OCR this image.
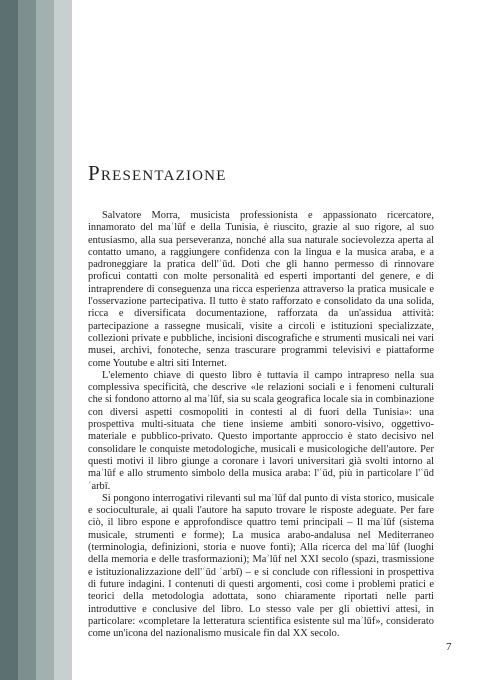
Presentazione

Salvatore Morra, musicista professionista e appassionato ricercatore, innamorato del maʾlūf e della Tunisia, è riuscito, grazie al suo rigore, al suo entusiasmo, alla sua perseveranza, nonché alla sua naturale socievolezza aperta al contatto umano, a raggiungere confidenza con la lingua e la musica araba, e a padroneggiare la pratica dell'ʿūd. Doti che gli hanno permesso di rinnovare proficui contatti con molte personalità ed esperti importanti del genere, e di intraprendere di conseguenza una ricca esperienza attraverso la pratica musicale e l'osservazione partecipativa. Il tutto è stato rafforzato e consolidato da una solida, ricca e diversificata documentazione, rafforzata da un'assidua attività: partecipazione a rassegne musicali, visite a circoli e istituzioni specializzate, collezioni private e pubbliche, incisioni discografiche e strumenti musicali nei vari musei, archivi, fonoteche, senza trascurare programmi televisivi e piattaforme come Youtube e altri siti Internet.

L'elemento chiave di questo libro è tuttavia il campo intrapreso nella sua complessiva specificità, che descrive «le relazioni sociali e i fenomeni culturali che si fondono attorno al maʾlūf, sia su scala geografica locale sia in combinazione con diversi aspetti cosmopoliti in contesti al di fuori della Tunisia»: una prospettiva multi-situata che tiene insieme ambiti sonoro-visivo, oggettivo-materiale e pubblico-privato. Questo importante approccio è stato decisivo nel consolidare le conquiste metodologiche, musicali e musicologiche dell'autore. Per questi motivi il libro giunge a coronare i lavori universitari già svolti intorno al maʾlūf e allo strumento simbolo della musica araba: l'ʿūd, più in particolare l'ʿūd ʿarbī.

Si pongono interrogativi rilevanti sul maʾlūf dal punto di vista storico, musicale e socioculturale, ai quali l'autore ha saputo trovare le risposte adeguate. Per fare ciò, il libro espone e approfondisce quattro temi principali – Il maʾlūf (sistema musicale, strumenti e forme); La musica arabo-andalusa nel Mediterraneo (terminologia, definizioni, storia e nuove fonti); Alla ricerca del maʾlūf (luoghi della memoria e delle trasformazioni); Maʾlūf nel XXI secolo (spazi, trasmissione e istituzionalizzazione dell'ʿūd ʿarbī) – e si conclude con riflessioni in prospettiva di future indagini. I contenuti di questi argomenti, così come i problemi pratici e teorici della metodologia adottata, sono chiaramente riportati nelle parti introduttive e conclusive del libro. Lo stesso vale per gli obiettivi attesi, in particolare: «completare la letteratura scientifica esistente sul maʾlūf», considerato come un'icona del nazionalismo musicale fin dal XX secolo.

7
